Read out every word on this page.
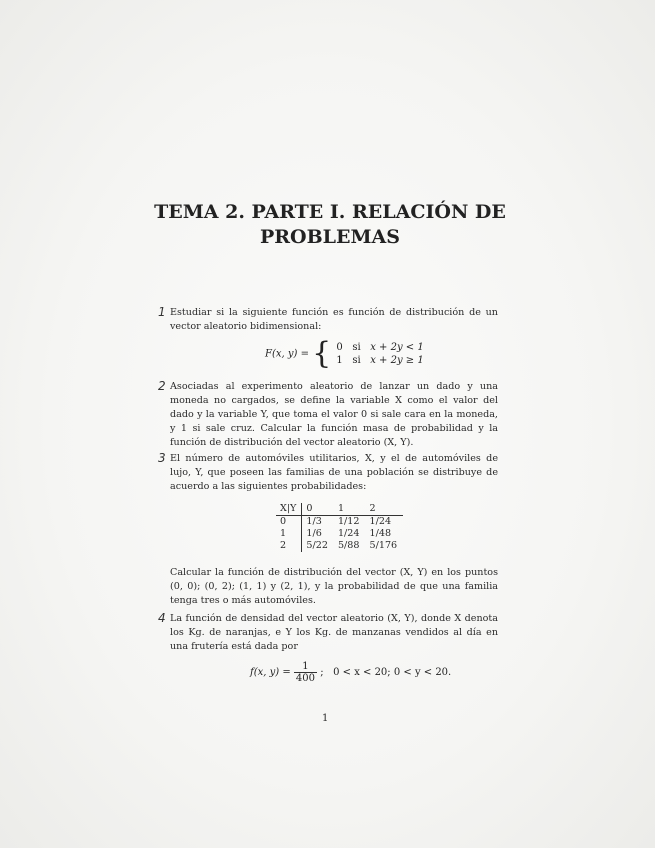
TEMA 2. PARTE I. RELACIÓN DE
PROBLEMAS
1 Estudiar si la siguiente función es función de distribución de un vector aleatorio bidimensional:
F(x, y) = { 0 si x + 2y < 1
1 si x + 2y ≥ 1
2 Asociadas al experimento aleatorio de lanzar un dado y una moneda no cargados, se define la variable X como el valor del dado y la variable Y, que toma el valor 0 si sale cara en la moneda, y 1 si sale cruz. Calcular la función masa de probabilidad y la función de distribución del vector aleatorio (X, Y).
3 El número de automóviles utilitarios, X, y el de automóviles de lujo, Y, que poseen las familias de una población se distribuye de acuerdo a las siguientes probabilidades:
X|Y	0	1	2
0	1/3	1/12	1/24
1	1/6	1/24	1/48
2	5/22	5/88	5/176
Calcular la función de distribución del vector (X, Y) en los puntos (0, 0); (0, 2); (1, 1) y (2, 1), y la probabilidad de que una familia tenga tres o más automóviles.
4 La función de densidad del vector aleatorio (X, Y), donde X denota los Kg. de naranjas, e Y los Kg. de manzanas vendidos al día en una frutería está dada por
f(x, $y) = \frac{1}{400}$ ;   0 < x < 20; 0 < y < 20.
1
